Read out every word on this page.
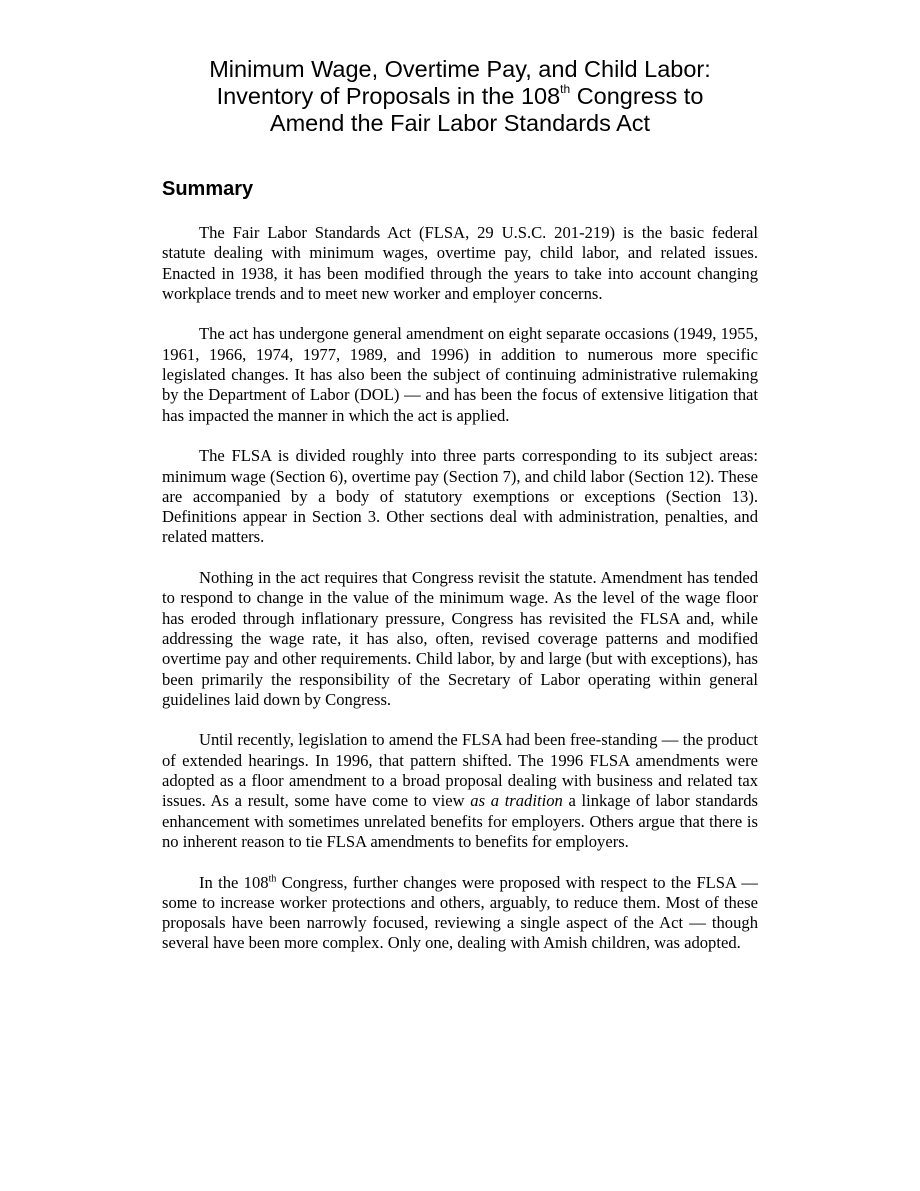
Minimum Wage, Overtime Pay, and Child Labor:
Inventory of Proposals in the 108th Congress to
Amend the Fair Labor Standards Act
Summary

The Fair Labor Standards Act (FLSA, 29 U.S.C. 201-219) is the basic federal statute dealing with minimum wages, overtime pay, child labor, and related issues. Enacted in 1938, it has been modified through the years to take into account changing workplace trends and to meet new worker and employer concerns.

The act has undergone general amendment on eight separate occasions (1949, 1955, 1961, 1966, 1974, 1977, 1989, and 1996) in addition to numerous more specific legislated changes. It has also been the subject of continuing administrative rulemaking by the Department of Labor (DOL) — and has been the focus of extensive litigation that has impacted the manner in which the act is applied.

The FLSA is divided roughly into three parts corresponding to its subject areas: minimum wage (Section 6), overtime pay (Section 7), and child labor (Section 12). These are accompanied by a body of statutory exemptions or exceptions (Section 13). Definitions appear in Section 3. Other sections deal with administration, penalties, and related matters.

Nothing in the act requires that Congress revisit the statute. Amendment has tended to respond to change in the value of the minimum wage. As the level of the wage floor has eroded through inflationary pressure, Congress has revisited the FLSA and, while addressing the wage rate, it has also, often, revised coverage patterns and modified overtime pay and other requirements. Child labor, by and large (but with exceptions), has been primarily the responsibility of the Secretary of Labor operating within general guidelines laid down by Congress.

Until recently, legislation to amend the FLSA had been free-standing — the product of extended hearings. In 1996, that pattern shifted. The 1996 FLSA amendments were adopted as a floor amendment to a broad proposal dealing with business and related tax issues. As a result, some have come to view as a tradition a linkage of labor standards enhancement with sometimes unrelated benefits for employers. Others argue that there is no inherent reason to tie FLSA amendments to benefits for employers.

In the 108th Congress, further changes were proposed with respect to the FLSA — some to increase worker protections and others, arguably, to reduce them. Most of these proposals have been narrowly focused, reviewing a single aspect of the Act — though several have been more complex. Only one, dealing with Amish children, was adopted.
